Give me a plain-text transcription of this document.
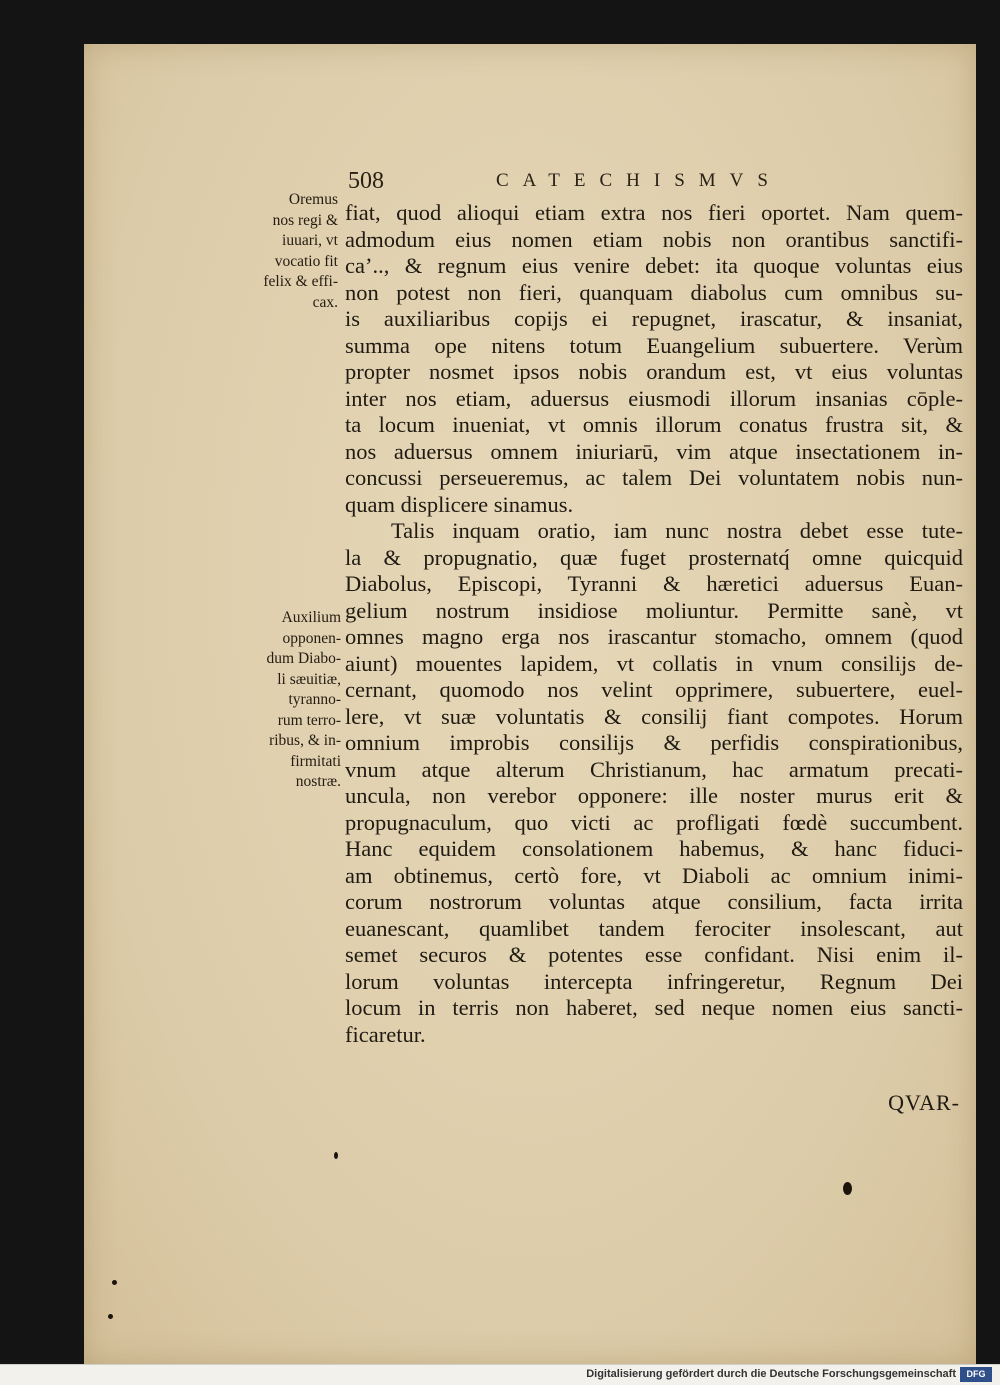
508	CATECHISMVS
Oremus
nos regi &
iuuari, vt
vocatio fit
felix & effi-
cax.
Auxilium
opponen-
dum Diabo-
li sæuitiæ,
tyranno-
rum terro-
ribus, & in-
firmitati
nostræ.

fiat, quod alioqui etiam extra nos fieri oportet. Nam quem-
admodum eius nomen etiam nobis non orantibus sanctifi-
ca’.., & regnum eius venire debet: ita quoque voluntas eius
non potest non fieri, quanquam diabolus cum omnibus su-
is auxiliaribus copijs ei repugnet, irascatur, & insaniat,
summa ope nitens totum Euangelium subuertere. Verùm
propter nosmet ipsos nobis orandum est, vt eius voluntas
inter nos etiam, aduersus eiusmodi illorum insanias cōple-
ta locum inueniat, vt omnis illorum conatus frustra sit, &
nos aduersus omnem iniuriarū, vim atque insectationem in-
concussi perseueremus, ac talem Dei voluntatem nobis nun-
quam displicere sinamus.

Talis inquam oratio, iam nunc nostra debet esse tute-
la & propugnatio, quæ fuget prosternatq́ omne quicquid
Diabolus, Episcopi, Tyranni & hæretici aduersus Euan-
gelium nostrum insidiose moliuntur. Permitte sanè, vt
omnes magno erga nos irascantur stomacho, omnem (quod
aiunt) mouentes lapidem, vt collatis in vnum consilijs de-
cernant, quomodo nos velint opprimere, subuertere, euel-
lere, vt suæ voluntatis & consilij fiant compotes. Horum
omnium improbis consilijs & perfidis conspirationibus,
vnum atque alterum Christianum, hac armatum precati-
uncula, non verebor opponere: ille noster murus erit &
propugnaculum, quo victi ac profligati fœdè succumbent.
Hanc equidem consolationem habemus, & hanc fiduci-
am obtinemus, certò fore, vt Diaboli ac omnium inimi-
corum nostrorum voluntas atque consilium, facta irrita
euanescant, quamlibet tandem ferociter insolescant, aut
semet securos & potentes esse confidant. Nisi enim il-
lorum voluntas intercepta infringeretur, Regnum Dei
locum in terris non haberet, sed neque nomen eius sancti-
ficaretur.

QVAR-
Digitalisierung gefördert durch die Deutsche Forschungsgemeinschaft	DFG
